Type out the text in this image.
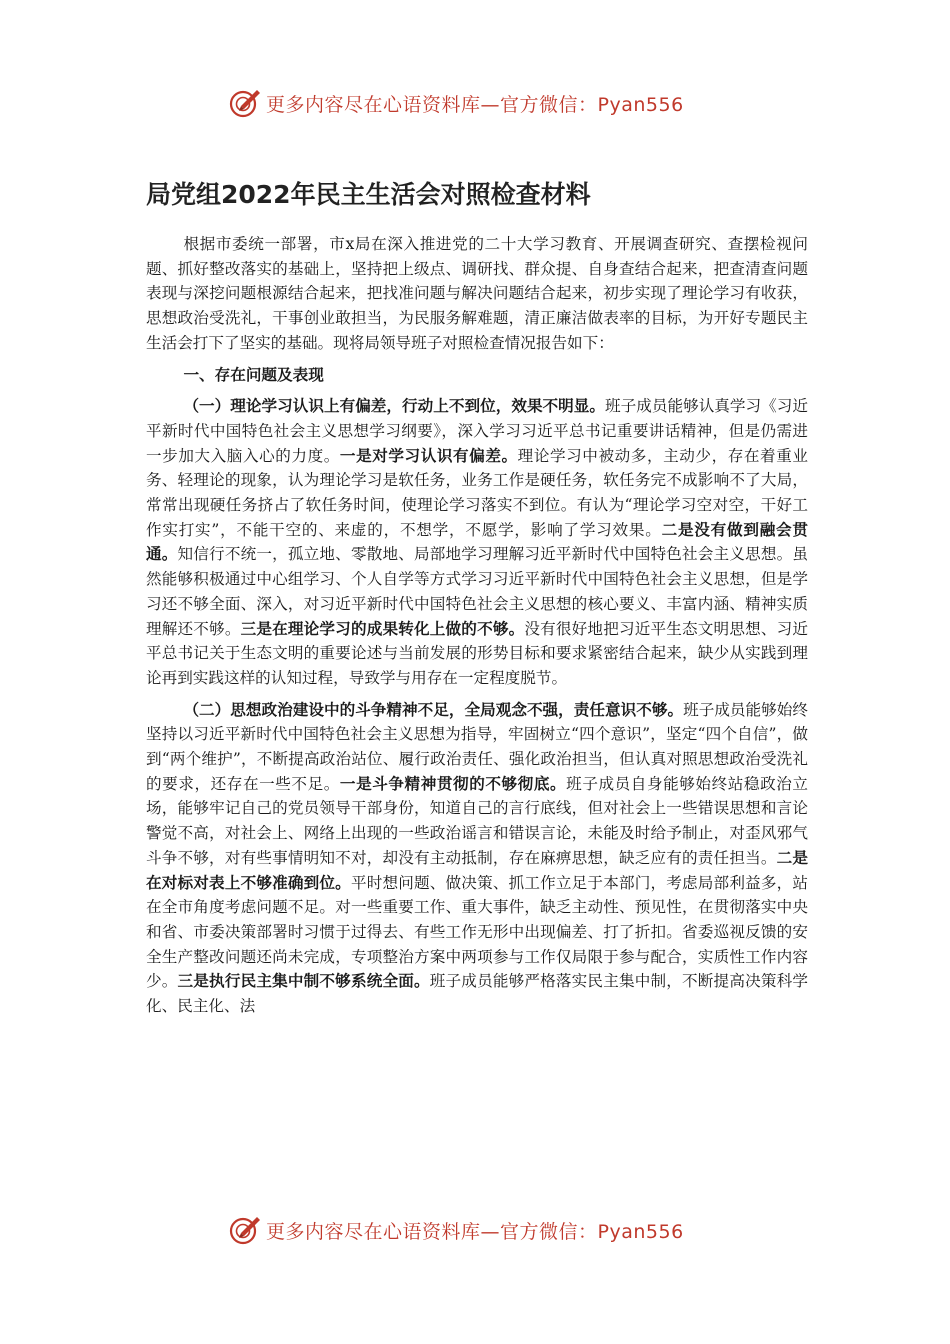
更多内容尽在心语资料库—官方微信：Pyan556
局党组2022年民主生活会对照检查材料

根据市委统一部署，市x局在深入推进党的二十大学习教育、开展调查研究、查摆检视问题、抓好整改落实的基础上，坚持把上级点、调研找、群众提、自身查结合起来，把查清查问题表现与深挖问题根源结合起来，把找准问题与解决问题结合起来，初步实现了理论学习有收获，思想政治受洗礼，干事创业敢担当，为民服务解难题，清正廉洁做表率的目标，为开好专题民主生活会打下了坚实的基础。现将局领导班子对照检查情况报告如下：

一、存在问题及表现

（一）理论学习认识上有偏差，行动上不到位，效果不明显。班子成员能够认真学习《习近平新时代中国特色社会主义思想学习纲要》，深入学习习近平总书记重要讲话精神，但是仍需进一步加大入脑入心的力度。一是对学习认识有偏差。理论学习中被动多，主动少，存在着重业务、轻理论的现象，认为理论学习是软任务，业务工作是硬任务，软任务完不成影响不了大局，常常出现硬任务挤占了软任务时间，使理论学习落实不到位。有认为“理论学习空对空，干好工作实打实”，不能干空的、来虚的，不想学，不愿学，影响了学习效果。二是没有做到融会贯通。知信行不统一，孤立地、零散地、局部地学习理解习近平新时代中国特色社会主义思想。虽然能够积极通过中心组学习、个人自学等方式学习习近平新时代中国特色社会主义思想，但是学习还不够全面、深入，对习近平新时代中国特色社会主义思想的核心要义、丰富内涵、精神实质理解还不够。三是在理论学习的成果转化上做的不够。没有很好地把习近平生态文明思想、习近平总书记关于生态文明的重要论述与当前发展的形势目标和要求紧密结合起来，缺少从实践到理论再到实践这样的认知过程，导致学与用存在一定程度脱节。

（二）思想政治建设中的斗争精神不足，全局观念不强，责任意识不够。班子成员能够始终坚持以习近平新时代中国特色社会主义思想为指导，牢固树立“四个意识”，坚定“四个自信”，做到“两个维护”，不断提高政治站位、履行政治责任、强化政治担当，但认真对照思想政治受洗礼的要求，还存在一些不足。一是斗争精神贯彻的不够彻底。班子成员自身能够始终站稳政治立场，能够牢记自己的党员领导干部身份，知道自己的言行底线，但对社会上一些错误思想和言论警觉不高，对社会上、网络上出现的一些政治谣言和错误言论，未能及时给予制止，对歪风邪气斗争不够，对有些事情明知不对，却没有主动抵制，存在麻痹思想，缺乏应有的责任担当。二是在对标对表上不够准确到位。平时想问题、做决策、抓工作立足于本部门，考虑局部利益多，站在全市角度考虑问题不足。对一些重要工作、重大事件，缺乏主动性、预见性，在贯彻落实中央和省、市委决策部署时习惯于过得去、有些工作无形中出现偏差、打了折扣。省委巡视反馈的安全生产整改问题还尚未完成，专项整治方案中两项参与工作仅局限于参与配合，实质性工作内容少。三是执行民主集中制不够系统全面。班子成员能够严格落实民主集中制，不断提高决策科学化、民主化、法

更多内容尽在心语资料库—官方微信：Pyan556
